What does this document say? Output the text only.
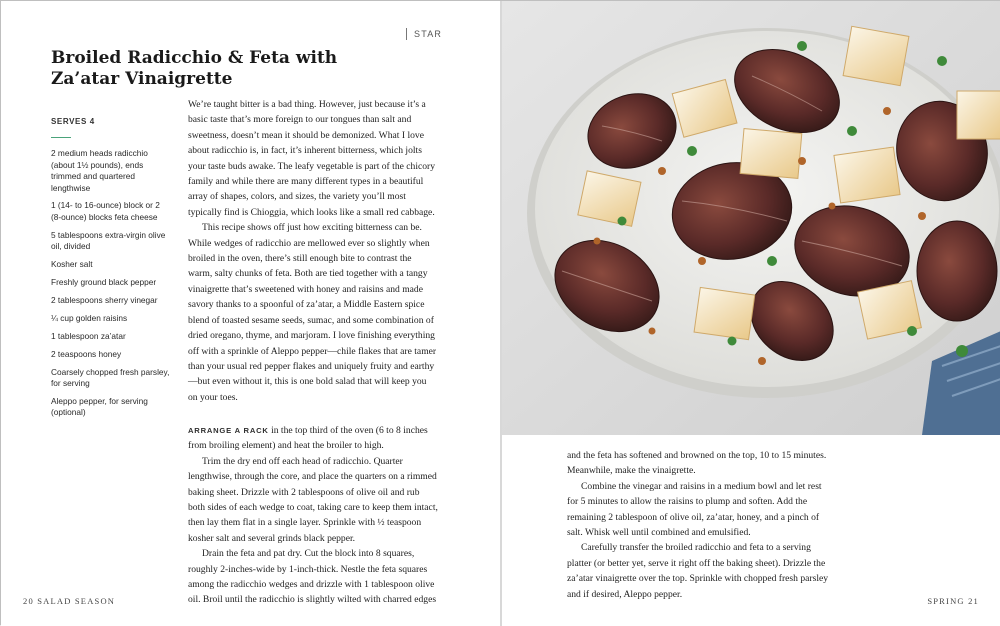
STAR
Broiled Radicchio & Feta with Za’atar Vinaigrette
SERVES 4
2 medium heads radicchio (about 1½ pounds), ends trimmed and quartered lengthwise
1 (14- to 16-ounce) block or 2 (8-ounce) blocks feta cheese
5 tablespoons extra-virgin olive oil, divided
Kosher salt
Freshly ground black pepper
2 tablespoons sherry vinegar
¼ cup golden raisins
1 tablespoon za’atar
2 teaspoons honey
Coarsely chopped fresh parsley, for serving
Aleppo pepper, for serving (optional)

We’re taught bitter is a bad thing. However, just because it’s a basic taste that’s more foreign to our tongues than salt and sweetness, doesn’t mean it should be demonized. What I love about radicchio is, in fact, it’s inherent bitterness, which jolts your taste buds awake. The leafy vegetable is part of the chicory family and while there are many different types in a beautiful array of shapes, colors, and sizes, the variety you’ll most typically find is Chioggia, which looks like a small red cabbage.

This recipe shows off just how exciting bitterness can be. While wedges of radicchio are mellowed ever so slightly when broiled in the oven, there’s still enough bite to contrast the warm, salty chunks of feta. Both are tied together with a tangy vinaigrette that’s sweetened with honey and raisins and made savory thanks to a spoonful of za’atar, a Middle Eastern spice blend of toasted sesame seeds, sumac, and some combination of dried oregano, thyme, and marjoram. I love finishing everything off with a sprinkle of Aleppo pepper—chile flakes that are tamer than your usual red pepper flakes and uniquely fruity and earthy—but even without it, this is one bold salad that will keep you on your toes.

ARRANGE A RACK in the top third of the oven (6 to 8 inches from broiling element) and heat the broiler to high.

Trim the dry end off each head of radicchio. Quarter lengthwise, through the core, and place the quarters on a rimmed baking sheet. Drizzle with 2 tablespoons of olive oil and rub both sides of each wedge to coat, taking care to keep them intact, then lay them flat in a single layer. Sprinkle with ½ teaspoon kosher salt and several grinds black pepper.

Drain the feta and pat dry. Cut the block into 8 squares, roughly 2-inches-wide by 1-inch-thick. Nestle the feta squares among the radicchio wedges and drizzle with 1 tablespoon olive oil. Broil until the radicchio is slightly wilted with charred edges

20 SALAD SEASON

and the feta has softened and browned on the top, 10 to 15 minutes. Meanwhile, make the vinaigrette.

Combine the vinegar and raisins in a medium bowl and let rest for 5 minutes to allow the raisins to plump and soften. Add the remaining 2 tablespoon of olive oil, za’atar, honey, and a pinch of salt. Whisk well until combined and emulsified.

Carefully transfer the broiled radicchio and feta to a serving platter (or better yet, serve it right off the baking sheet). Drizzle the za’atar vinaigrette over the top. Sprinkle with chopped fresh parsley and if desired, Aleppo pepper.

SPRING 21
